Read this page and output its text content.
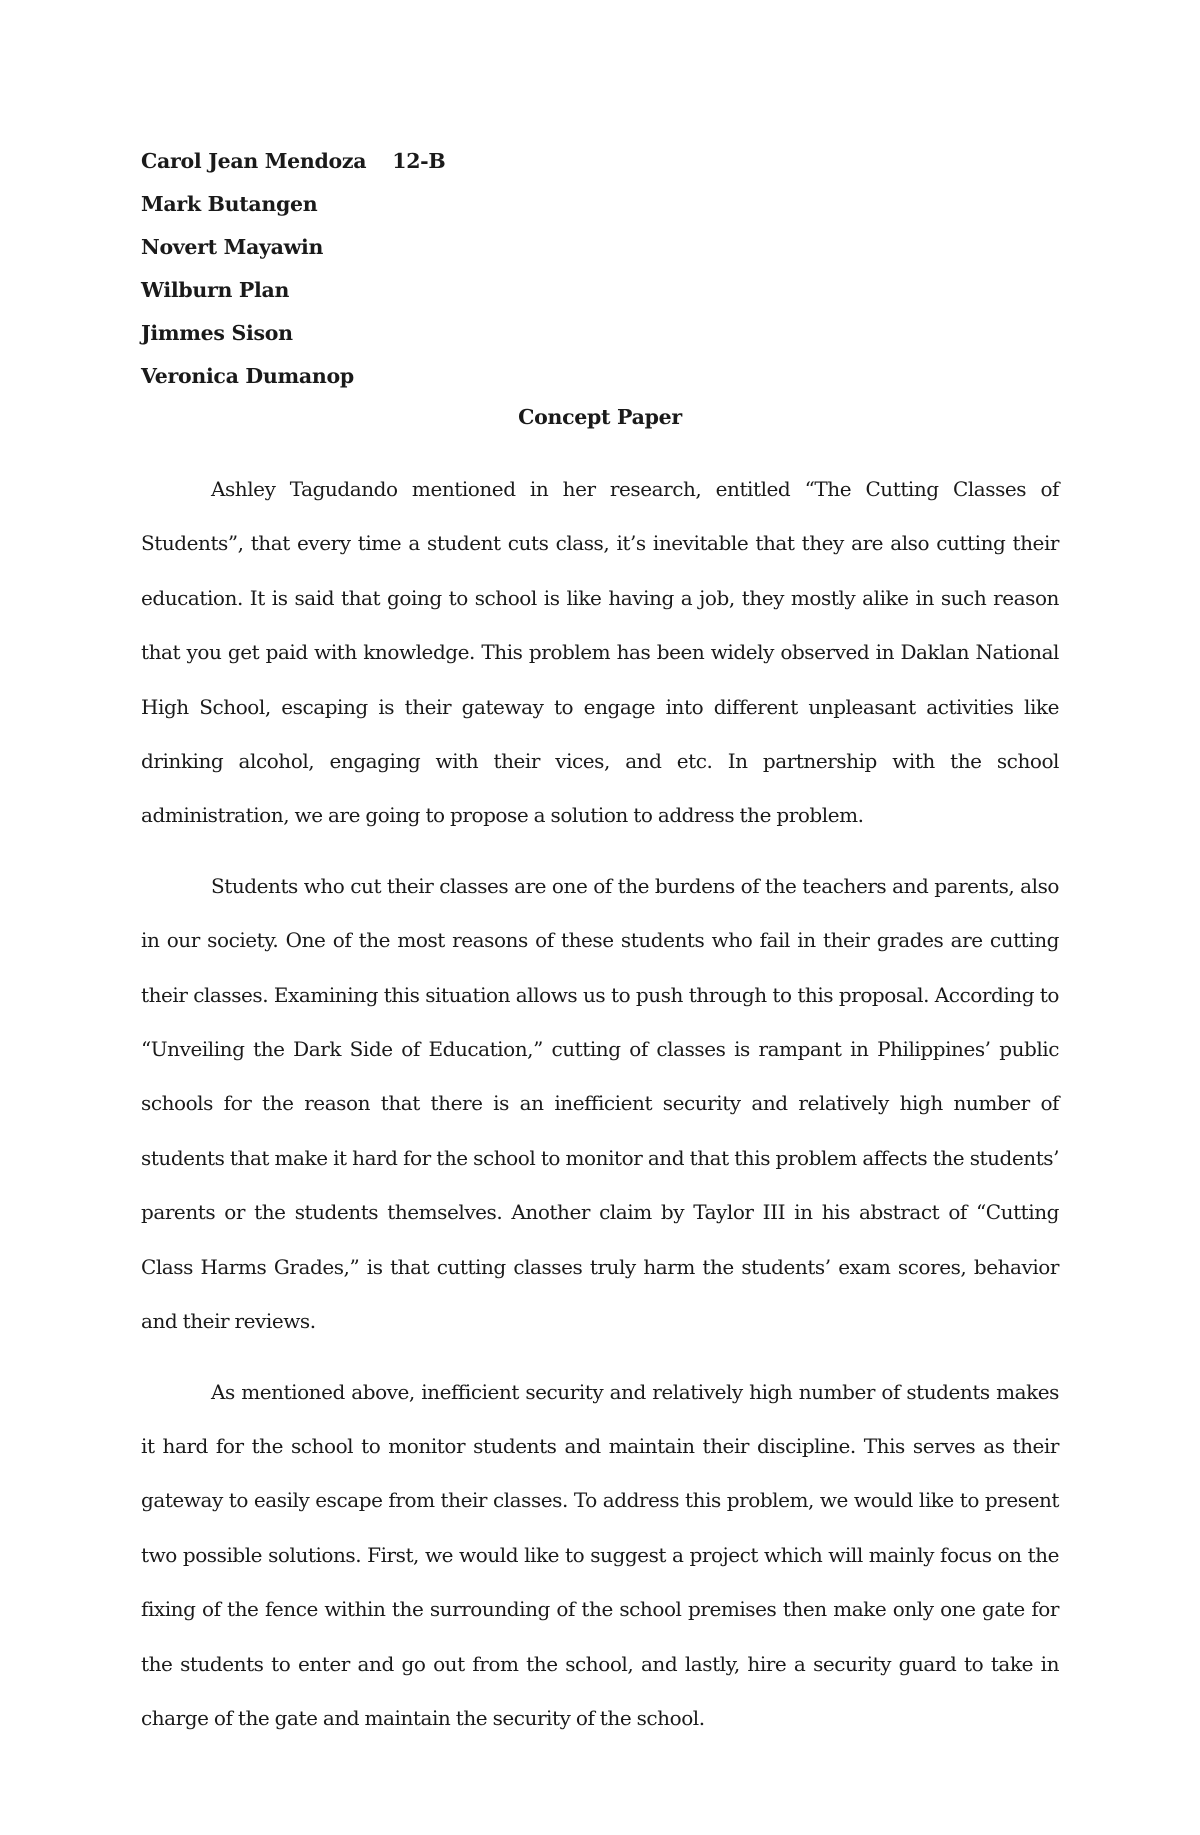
Carol Jean Mendoza 12-B
Mark Butangen
Novert Mayawin
Wilburn Plan
Jimmes Sison
Veronica Dumanop
Concept Paper

Ashley Tagudando mentioned in her research, entitled “The Cutting Classes of Students”, that every time a student cuts class, it’s inevitable that they are also cutting their education. It is said that going to school is like having a job, they mostly alike in such reason that you get paid with knowledge. This problem has been widely observed in Daklan National High School, escaping is their gateway to engage into different unpleasant activities like drinking alcohol, engaging with their vices, and etc. In partnership with the school administration, we are going to propose a solution to address the problem.

Students who cut their classes are one of the burdens of the teachers and parents, also in our society. One of the most reasons of these students who fail in their grades are cutting their classes. Examining this situation allows us to push through to this proposal. According to “Unveiling the Dark Side of Education,” cutting of classes is rampant in Philippines’ public schools for the reason that there is an inefficient security and relatively high number of students that make it hard for the school to monitor and that this problem affects the students’ parents or the students themselves. Another claim by Taylor III in his abstract of “Cutting Class Harms Grades,” is that cutting classes truly harm the students’ exam scores, behavior and their reviews.

As mentioned above, inefficient security and relatively high number of students makes it hard for the school to monitor students and maintain their discipline. This serves as their gateway to easily escape from their classes. To address this problem, we would like to present two possible solutions. First, we would like to suggest a project which will mainly focus on the fixing of the fence within the surrounding of the school premises then make only one gate for the students to enter and go out from the school, and lastly, hire a security guard to take in charge of the gate and maintain the security of the school.
